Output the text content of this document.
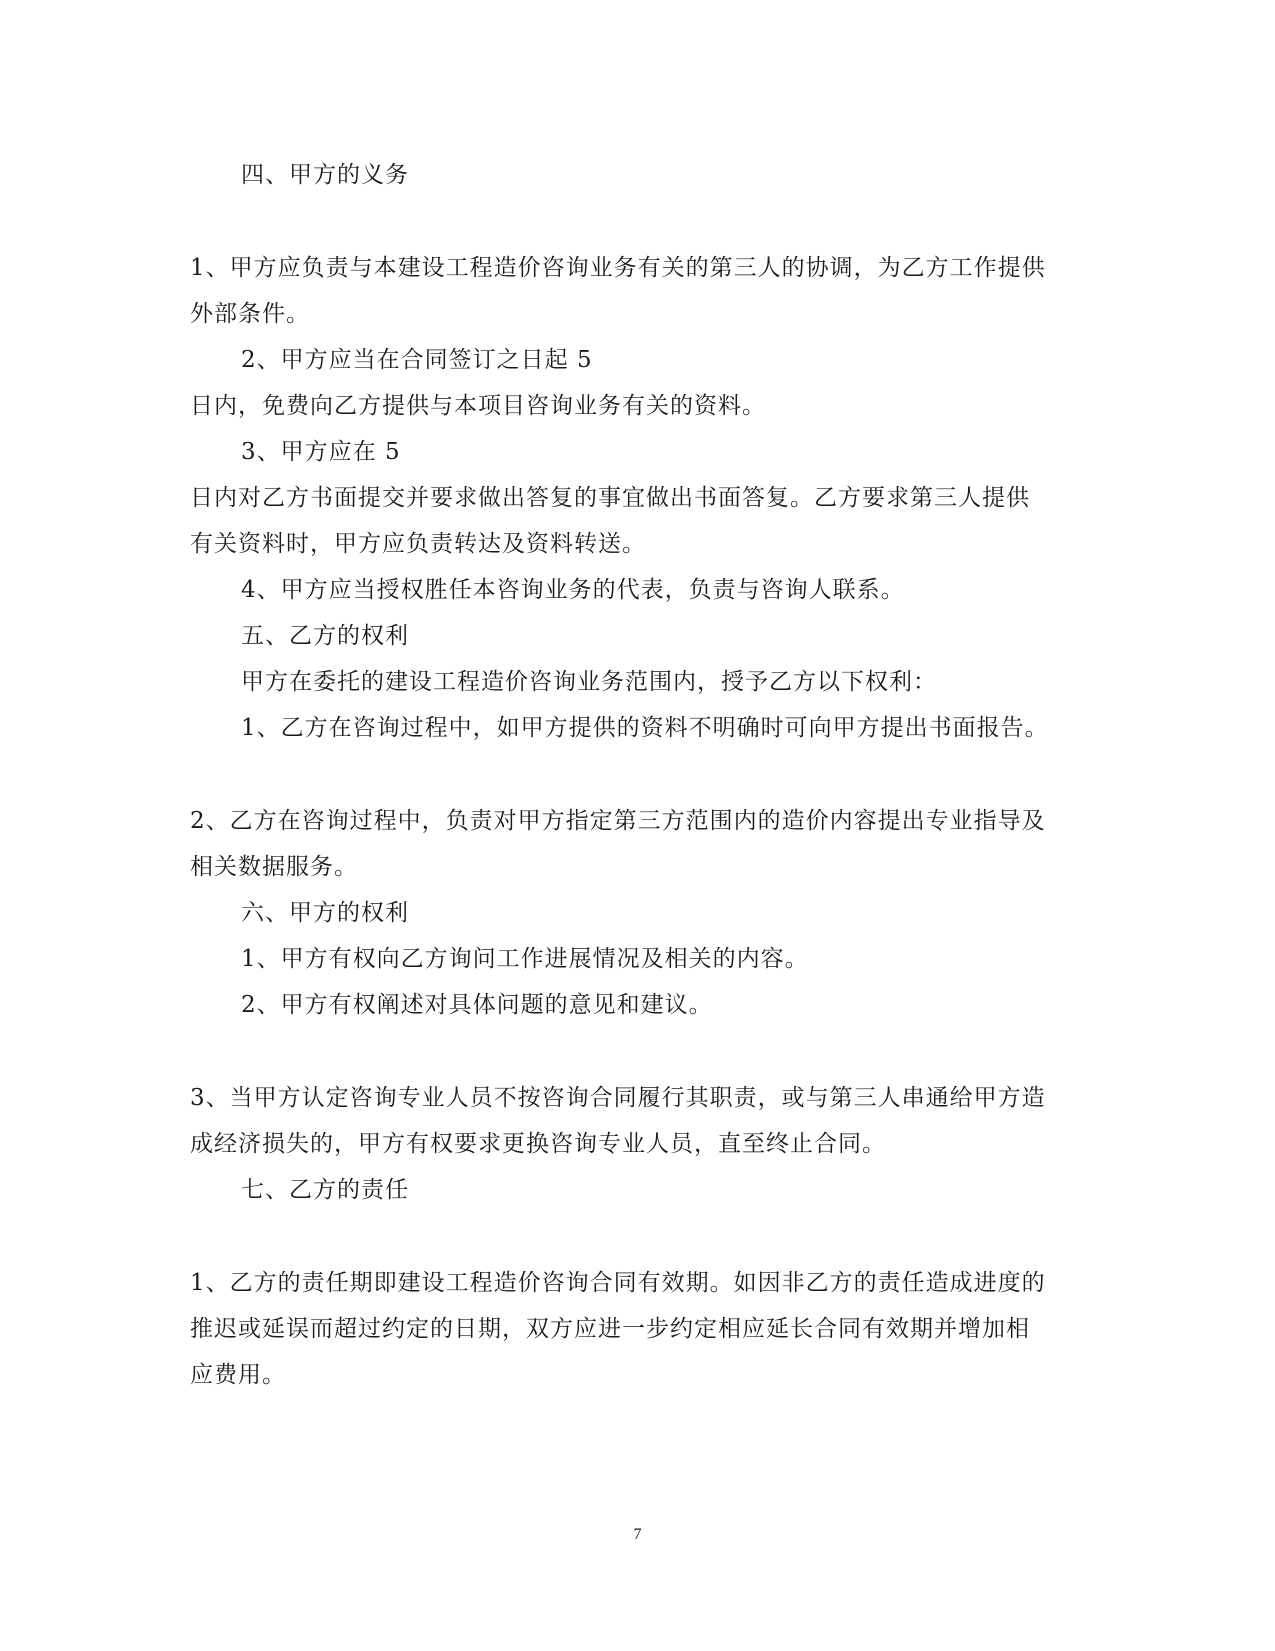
四、甲方的义务
1、甲方应负责与本建设工程造价咨询业务有关的第三人的协调，为乙方工作提供
外部条件。
2、甲方应当在合同签订之日起 5
日内，免费向乙方提供与本项目咨询业务有关的资料。
3、甲方应在 5
日内对乙方书面提交并要求做出答复的事宜做出书面答复。乙方要求第三人提供
有关资料时，甲方应负责转达及资料转送。
4、甲方应当授权胜任本咨询业务的代表，负责与咨询人联系。
五、乙方的权利
甲方在委托的建设工程造价咨询业务范围内，授予乙方以下权利：
1、乙方在咨询过程中，如甲方提供的资料不明确时可向甲方提出书面报告。
2、乙方在咨询过程中，负责对甲方指定第三方范围内的造价内容提出专业指导及
相关数据服务。
六、甲方的权利
1、甲方有权向乙方询问工作进展情况及相关的内容。
2、甲方有权阐述对具体问题的意见和建议。
3、当甲方认定咨询专业人员不按咨询合同履行其职责，或与第三人串通给甲方造
成经济损失的，甲方有权要求更换咨询专业人员，直至终止合同。
七、乙方的责任
1、乙方的责任期即建设工程造价咨询合同有效期。如因非乙方的责任造成进度的
推迟或延误而超过约定的日期，双方应进一步约定相应延长合同有效期并增加相
应费用。
7
